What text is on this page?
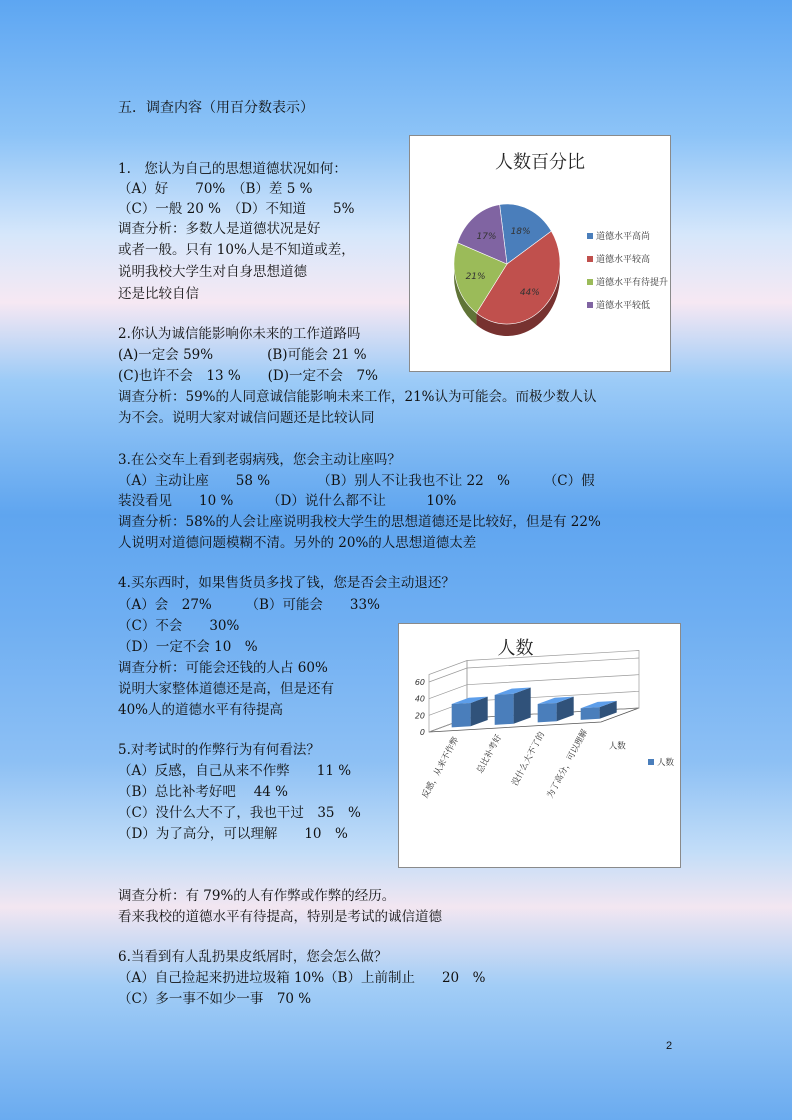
五．调查内容（用百分数表示）
1.　您认为自己的思想道德状况如何：
（A）好　　70%　（B）差 5 %
（C）一般 20 %　（D）不知道　　5%
调查分析：多数人是道德状况是好
或者一般。只有 10%人是不知道或差，
说明我校大学生对自身思想道德
还是比较自信
2.你认为诚信能影响你未来的工作道路吗
(A)一定会 59%　　　　(B)可能会 21 %
(C)也许不会　13 %　　(D)一定不会　7%
调查分析：59%的人同意诚信能影响未来工作，21%认为可能会。而极少数人认
为不会。说明大家对诚信问题还是比较认同
3.在公交车上看到老弱病残，您会主动让座吗？
（A）主动让座　　58 %　　　　（B）别人不让我也不让 22　%　　　（C）假
装没看见　　10 %　　　（D）说什么都不让　　　10%
调查分析：58%的人会让座说明我校大学生的思想道德还是比较好，但是有 22%
人说明对道德问题模糊不清。另外的 20%的人思想道德太差
4.买东西时，如果售货员多找了钱，您是否会主动退还？
（A）会　27%　　　（B）可能会　　33%
（C）不会　　30%
（D）一定不会 10　%
调查分析：可能会还钱的人占 60%
说明大家整体道德还是高，但是还有
40%人的道德水平有待提高
5.对考试时的作弊行为有何看法？
（A）反感，自己从来不作弊　　11 %
（B）总比补考好吧　 44 %
（C）没什么大不了，我也干过　35　%
（D）为了高分，可以理解　　10　%
调查分析：有 79%的人有作弊或作弊的经历。
看来我校的道德水平有待提高，特别是考试的诚信道德
6.当看到有人乱扔果皮纸屑时，您会怎么做？
（A）自己捡起来扔进垃圾箱 10%（B）上前制止　　20　%
（C）多一事不如少一事　70 %
2
人数百分比
18%
44%
21%
17%	道德水平高尚
道德水平较高
道德水平有待提升
道德水平较低
人数
0
20
40
60
反感，从来不作弊 总比补考好 没什么大不了的
为了高分，可以理解 人数
人数
